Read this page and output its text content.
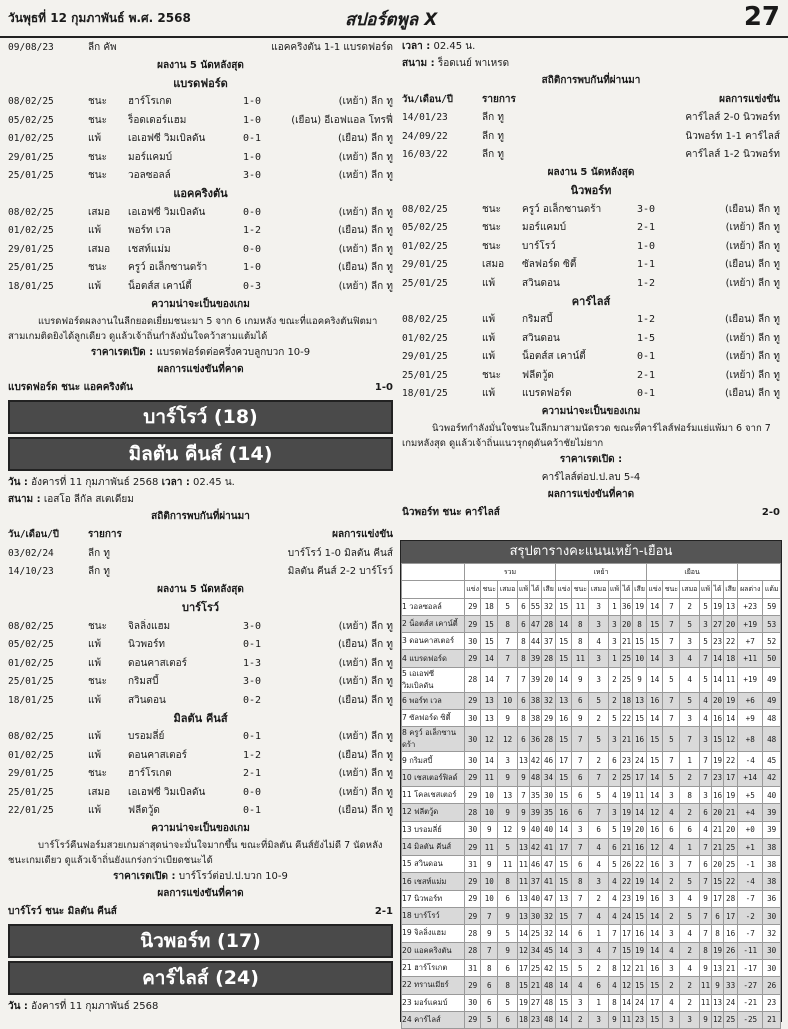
วันพุธที่ 12 กุมภาพันธ์ พ.ศ. 2568	สปอร์ตพูล X	27
09/08/23	ลีก คัพ	แอคคริงตัน 1-1 แบรดฟอร์ด
ผลงาน 5 นัดหลังสุด
แบรดฟอร์ด
08/02/25	ชนะ	ฮาร์โรเกต	1-0	(เหย้า) ลีก ทู
05/02/25	ชนะ	ร็อดเดอร์แฮม	1-0	(เยือน) อีเอฟแอล โทรฟี่
01/02/25	แพ้	เอเอฟซี วิมเบิลดัน	0-1	(เยือน) ลีก ทู
29/01/25	ชนะ	มอร์แคมบ์	1-0	(เหย้า) ลีก ทู
25/01/25	ชนะ	วอลซอลล์	3-0	(เหย้า) ลีก ทู
แอคคริงตัน
08/02/25	เสมอ	เอเอฟซี วิมเบิลดัน	0-0	(เหย้า) ลีก ทู
01/02/25	แพ้	พอร์ท เวล	1-2	(เยือน) ลีก ทู
29/01/25	เสมอ	เชสท์แม่ม	0-0	(เหย้า) ลีก ทู
25/01/25	ชนะ	ครูว์ อเล็กซานดร้า	1-0	(เยือน) ลีก ทู
18/01/25	แพ้	น็อตส์ส เคาน์ตี้	0-3	(เหย้า) ลีก ทู
ความน่าจะเป็นของเกม
แบรดฟอร์ดผลงานในลีกยอดเยี่ยมชนะมา 5 จาก 6 เกมหลัง ขณะที่แอคคริงตันฟิตมาสามเกมติดยิงได้ลูกเดียว ดูแล้วเจ้าถิ่นกำลังมั่นใจคว้าสามแต้มได้
ราคาเรตเปิด : แบรดฟอร์ดต่อครึ่งควบลูกบวก 10-9
ผลการแข่งขันที่คาด
แบรดฟอร์ด ชนะ แอคคริงตัน	1-0
บาร์โรว์ (18)
มิลตัน คีนส์ (14)
วัน : อังคารที่ 11 กุมภาพันธ์ 2568 เวลา : 02.45 น.
สนาม : เอสโอ ลีกัล สเตเดียม
สถิติการพบกันที่ผ่านมา
วัน/เดือน/ปี	รายการ	ผลการแข่งขัน
03/02/24	ลีก ทู	บาร์โรว์ 1-0 มิลตัน คีนส์
14/10/23	ลีก ทู	มิลตัน คีนส์ 2-2 บาร์โรว์
ผลงาน 5 นัดหลังสุด
บาร์โรว์
08/02/25	ชนะ	จิลลิ่งแฮม	3-0	(เหย้า) ลีก ทู
05/02/25	แพ้	นิวพอร์ท	0-1	(เยือน) ลีก ทู
01/02/25	แพ้	ดอนคาสเตอร์	1-3	(เหย้า) ลีก ทู
25/01/25	ชนะ	กริมสบี้	3-0	(เหย้า) ลีก ทู
18/01/25	แพ้	สวินดอน	0-2	(เยือน) ลีก ทู
มิลตัน คีนส์
08/02/25	แพ้	บรอมลี่ย์	0-1	(เหย้า) ลีก ทู
01/02/25	แพ้	ดอนคาสเตอร์	1-2	(เยือน) ลีก ทู
29/01/25	ชนะ	ฮาร์โรเกต	2-1	(เหย้า) ลีก ทู
25/01/25	เสมอ	เอเอฟซี วิมเบิลดัน	0-0	(เหย้า) ลีก ทู
22/01/25	แพ้	ฟลีตวู้ด	0-1	(เยือน) ลีก ทู
ความน่าจะเป็นของเกม
บาร์โรว์คืนฟอร์มสวยเกมล่าสุดน่าจะมั่นใจมากขึ้น ขณะที่มิลตัน คีนส์ยังไม่ดี 7 นัดหลังชนะเกมเดียว ดูแล้วเจ้าถิ่นยังแกร่งกว่าเบียดชนะได้
ราคาเรตเปิด : บาร์โรว์ต่อป.ป.บวก 10-9
ผลการแข่งขันที่คาด
บาร์โรว์ ชนะ มิลตัน คีนส์	2-1
นิวพอร์ท (17)
คาร์ไลส์ (24)
วัน : อังคารที่ 11 กุมภาพันธ์ 2568
เวลา : 02.45 น.
สนาม : ร็อดเนย์ พาเหรด
สถิติการพบกันที่ผ่านมา
วัน/เดือน/ปี	รายการ	ผลการแข่งขัน
14/01/23	ลีก ทู	คาร์ไลส์ 2-0 นิวพอร์ท
24/09/22	ลีก ทู	นิวพอร์ท 1-1 คาร์ไลส์
16/03/22	ลีก ทู	คาร์ไลส์ 1-2 นิวพอร์ท
ผลงาน 5 นัดหลังสุด
นิวพอร์ท
08/02/25	ชนะ	ครูว์ อเล็กซานดร้า	3-0	(เยือน) ลีก ทู
05/02/25	ชนะ	มอร์แคมบ์	2-1	(เหย้า) ลีก ทู
01/02/25	ชนะ	บาร์โรว์	1-0	(เหย้า) ลีก ทู
29/01/25	เสมอ	ซัลฟอร์ด ซิตี้	1-1	(เยือน) ลีก ทู
25/01/25	แพ้	สวินดอน	1-2	(เหย้า) ลีก ทู
คาร์ไลส์
08/02/25	แพ้	กริมสบี้	1-2	(เยือน) ลีก ทู
01/02/25	แพ้	สวินดอน	1-5	(เหย้า) ลีก ทู
29/01/25	แพ้	น็อตส์ส เคาน์ตี้	0-1	(เหย้า) ลีก ทู
25/01/25	ชนะ	ฟลีตวู้ด	2-1	(เหย้า) ลีก ทู
18/01/25	แพ้	แบรดฟอร์ด	0-1	(เยือน) ลีก ทู
ความน่าจะเป็นของเกม
นิวพอร์ทกำลังมั่นใจชนะในลีกมาสามนัดรวด ขณะที่คาร์ไลส์ฟอร์มแย่แพ้มา 6 จาก 7 เกมหลังสุด ดูแล้วเจ้าถิ่นแนวรุกดุดันคว้าชัยไม่ยาก
ราคาเรตเปิด :
คาร์ไลส์ต่อป.ป.ลบ 5-4
ผลการแข่งขันที่คาด
นิวพอร์ท ชนะ คาร์ไลส์	2-0
สรุปตารางคะแนนเหย้า-เยือน
	รวม						เหย้า						เยือน							
	แข่ง	ชนะ	เสมอ	แพ้	ได้	เสีย	แข่ง	ชนะ	เสมอ	แพ้	ได้	เสีย	แข่ง	ชนะ	เสมอ	แพ้	ได้	เสีย	ผลต่าง	แต้ม
1 วอลซอลล์	29	18	5	6	55	32	15	11	3	1	36	19	14	7	2	5	19	13	+23	59
2 น็อตส์ส เคาน์ตี้	29	15	8	6	47	28	14	8	3	3	20	8	15	7	5	3	27	20	+19	53
3 ดอนคาสเตอร์	30	15	7	8	44	37	15	8	4	3	21	15	15	7	3	5	23	22	+7	52
4 แบรดฟอร์ด	29	14	7	8	39	28	15	11	3	1	25	10	14	3	4	7	14	18	+11	50
5 เอเอฟซี วิมเบิลดัน	28	14	7	7	39	20	14	9	3	2	25	9	14	5	4	5	14	11	+19	49
6 พอร์ท เวล	29	13	10	6	38	32	13	6	5	2	18	13	16	7	5	4	20	19	+6	49
7 ซัลฟอร์ด ซิตี้	30	13	9	8	38	29	16	9	2	5	22	15	14	7	3	4	16	14	+9	48
8 ครูว์ อเล็กซานดร้า	30	12	12	6	36	28	15	7	5	3	21	16	15	5	7	3	15	12	+8	48
9 กริมสบี้	30	14	3	13	42	46	17	7	2	6	23	24	15	7	1	7	19	22	-4	45
10 เชสเตอร์ฟิลด์	29	11	9	9	48	34	15	6	7	2	25	17	14	5	2	7	23	17	+14	42
11 โคลเชสเตอร์	29	10	13	7	35	30	15	6	5	4	19	11	14	3	8	3	16	19	+5	40
12 ฟลีตวู้ด	28	10	9	9	39	35	16	6	7	3	19	14	12	4	2	6	20	21	+4	39
13 บรอมลี่ย์	30	9	12	9	40	40	14	3	6	5	19	20	16	6	6	4	21	20	+0	39
14 มิลตัน คีนส์	29	11	5	13	42	41	17	7	4	6	21	16	12	4	1	7	21	25	+1	38
15 สวินดอน	31	9	11	11	46	47	15	6	4	5	26	22	16	3	7	6	20	25	-1	38
16 เชสท์แม่ม	29	10	8	11	37	41	15	8	3	4	22	19	14	2	5	7	15	22	-4	38
17 นิวพอร์ท	29	10	6	13	40	47	13	7	2	4	23	19	16	3	4	9	17	28	-7	36
18 บาร์โรว์	29	7	9	13	30	32	15	7	4	4	24	15	14	2	5	7	6	17	-2	30
19 จิลลิ่งแฮม	28	9	5	14	25	32	14	6	1	7	17	16	14	3	4	7	8	16	-7	32
20 แอคคริงตัน	28	7	9	12	34	45	14	3	4	7	15	19	14	4	2	8	19	26	-11	30
21 ฮาร์โรเกต	31	8	6	17	25	42	15	5	2	8	12	21	16	3	4	9	13	21	-17	30
22 ทรานเมียร์	29	6	8	15	21	48	14	4	6	4	12	15	15	2	2	11	9	33	-27	26
23 มอร์แคมบ์	30	6	5	19	27	48	15	3	1	8	14	24	17	4	2	11	13	24	-21	23
24 คาร์ไลส์	29	5	6	18	23	48	14	2	3	9	11	23	15	3	3	9	12	25	-25	21
